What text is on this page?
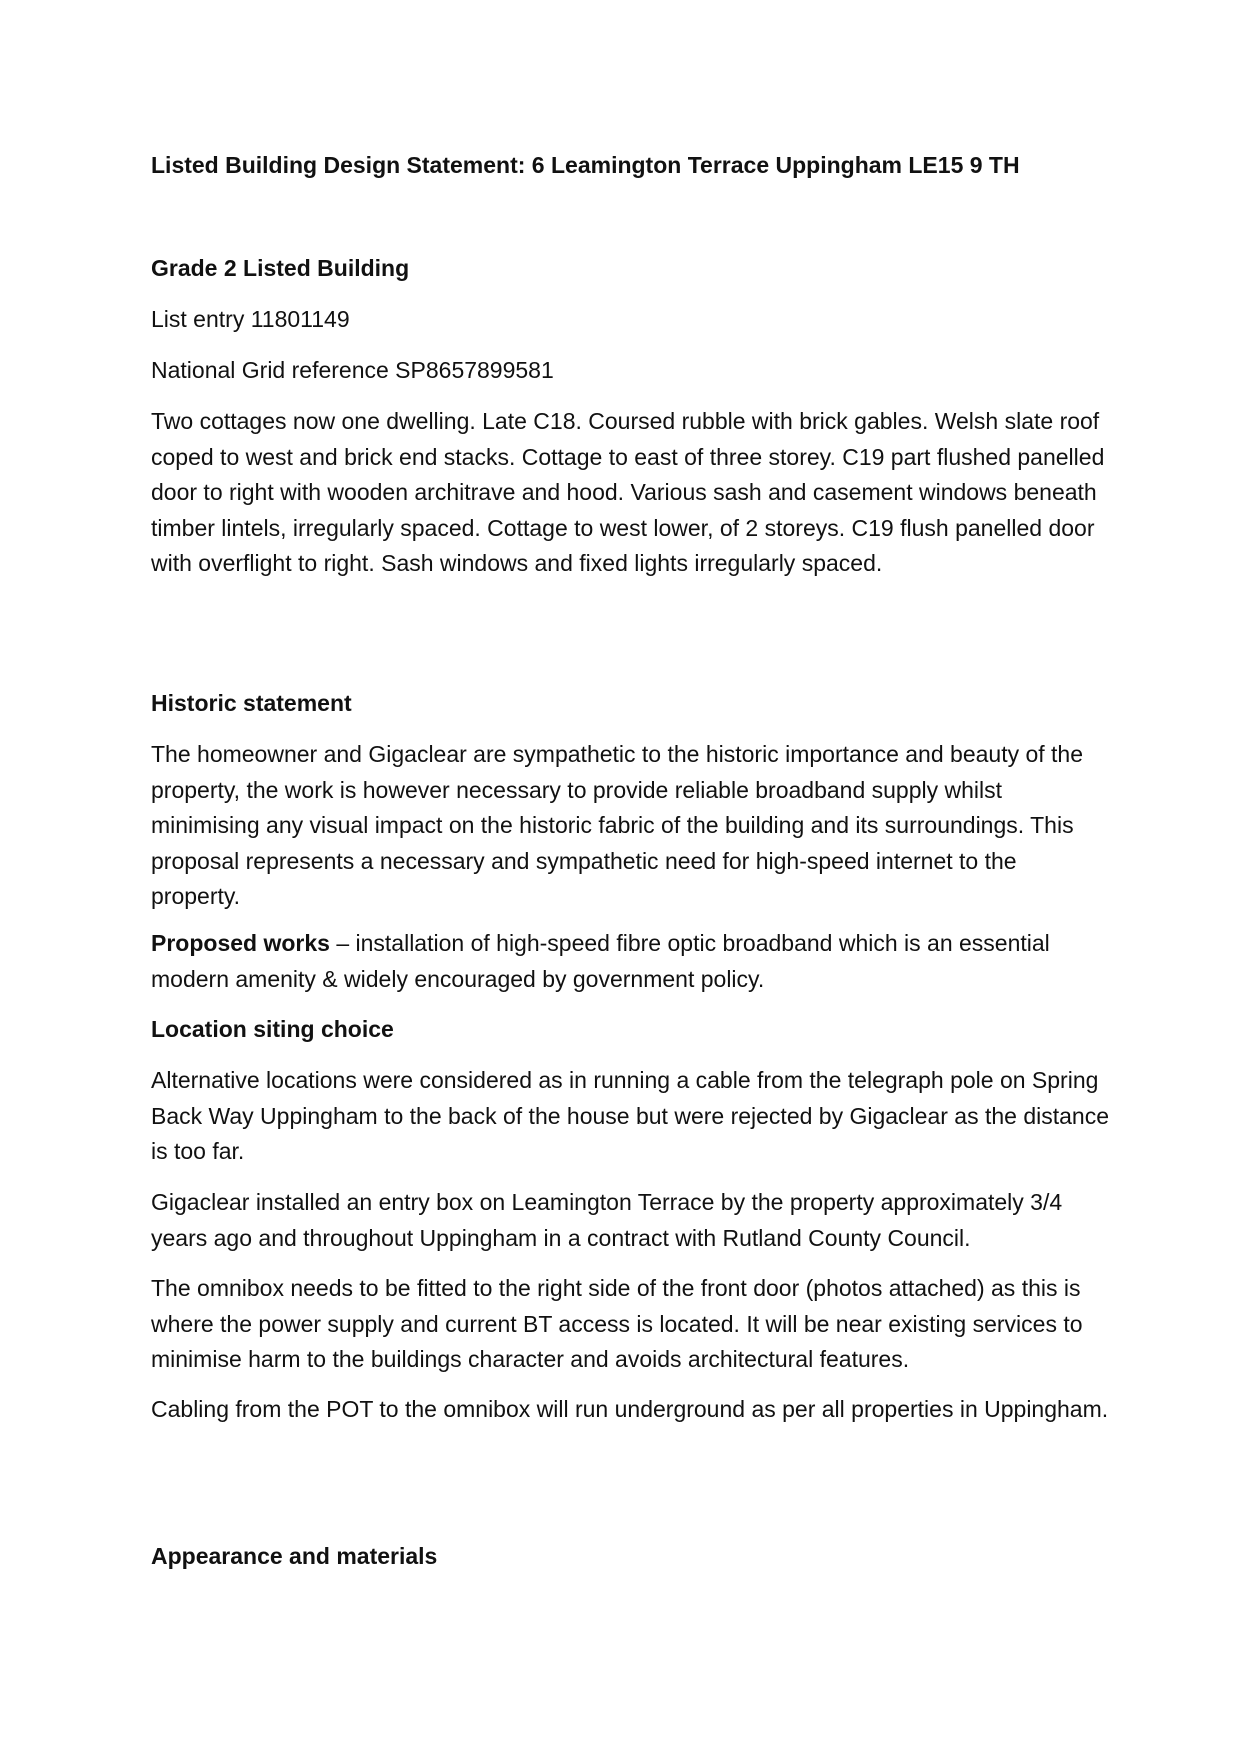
Listed Building Design Statement: 6 Leamington Terrace Uppingham LE15 9 TH

Grade 2 Listed Building

List entry 11801149

National Grid reference SP8657899581

Two cottages now one dwelling. Late C18. Coursed rubble with brick gables. Welsh slate roof coped to west and brick end stacks. Cottage to east of three storey. C19 part flushed panelled door to right with wooden architrave and hood. Various sash and casement windows beneath timber lintels, irregularly spaced. Cottage to west lower, of 2 storeys. C19 flush panelled door with overflight to right. Sash windows and fixed lights irregularly spaced.

Historic statement

The homeowner and Gigaclear are sympathetic to the historic importance and beauty of the property, the work is however necessary to provide reliable broadband supply whilst minimising any visual impact on the historic fabric of the building and its surroundings. This proposal represents a necessary and sympathetic need for high-speed internet to the property.

Proposed works – installation of high-speed fibre optic broadband which is an essential modern amenity & widely encouraged by government policy.

Location siting choice

Alternative locations were considered as in running a cable from the telegraph pole on Spring Back Way Uppingham to the back of the house but were rejected by Gigaclear as the distance is too far.

Gigaclear installed an entry box on Leamington Terrace by the property approximately 3/4 years ago and throughout Uppingham in a contract with Rutland County Council.

The omnibox needs to be fitted to the right side of the front door (photos attached) as this is where the power supply and current BT access is located. It will be near existing services to minimise harm to the buildings character and avoids architectural features.

Cabling from the POT to the omnibox will run underground as per all properties in Uppingham.

Appearance and materials
